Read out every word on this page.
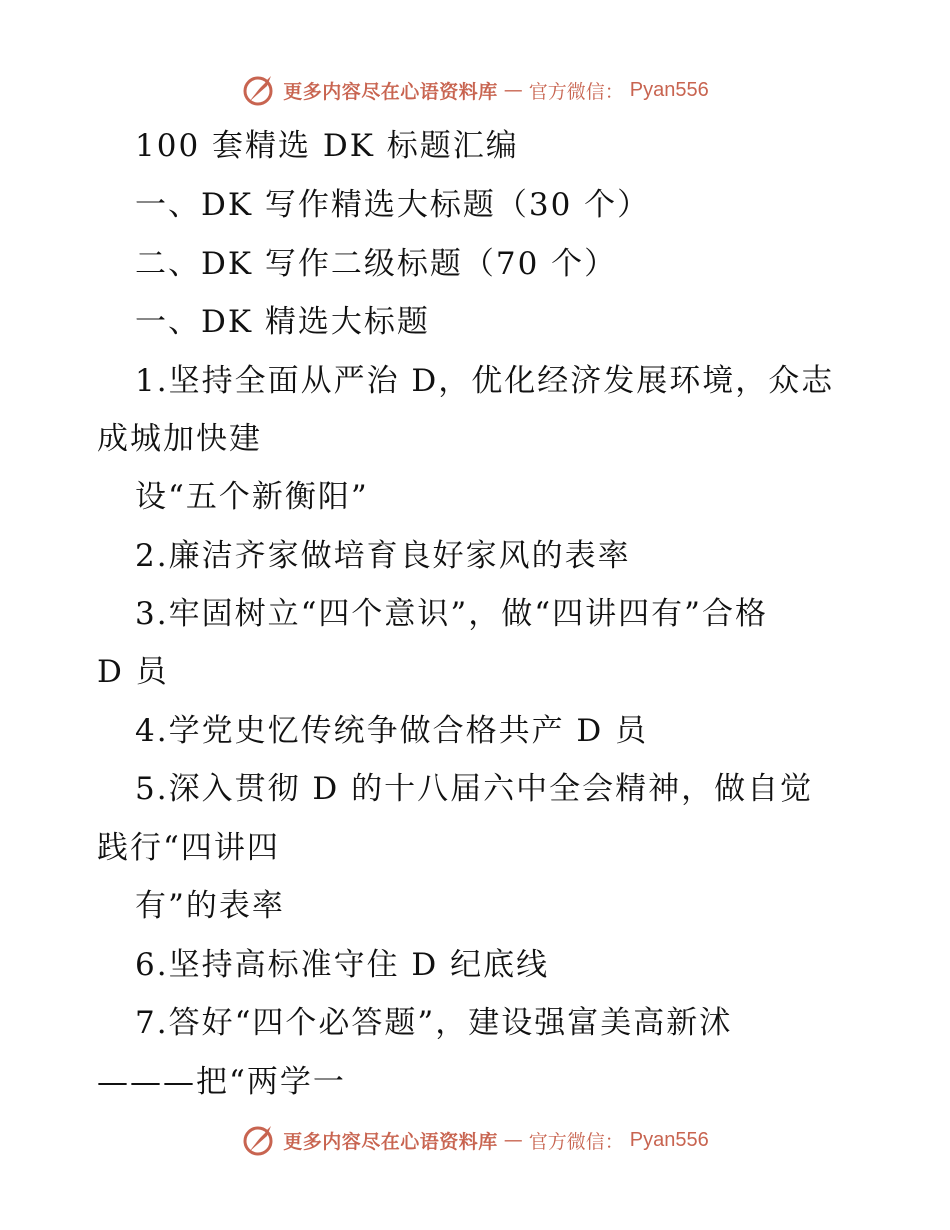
更多内容尽在心语资料库 — 官方微信： Pyan556
100 套精选 DK 标题汇编
一、DK 写作精选大标题（30 个）
二、DK 写作二级标题（70 个）
一、DK 精选大标题
1.坚持全面从严治 D，优化经济发展环境，众志
成城加快建
设“五个新衡阳”
2.廉洁齐家做培育良好家风的表率
3.牢固树立“四个意识”，做“四讲四有”合格
D 员
4.学党史忆传统争做合格共产 D 员
5.深入贯彻 D 的十八届六中全会精神，做自觉
践行“四讲四
有”的表率
6.坚持高标准守住 D 纪底线
7.答好“四个必答题”，建设强富美高新沭
———把“两学一
更多内容尽在心语资料库 — 官方微信： Pyan556
